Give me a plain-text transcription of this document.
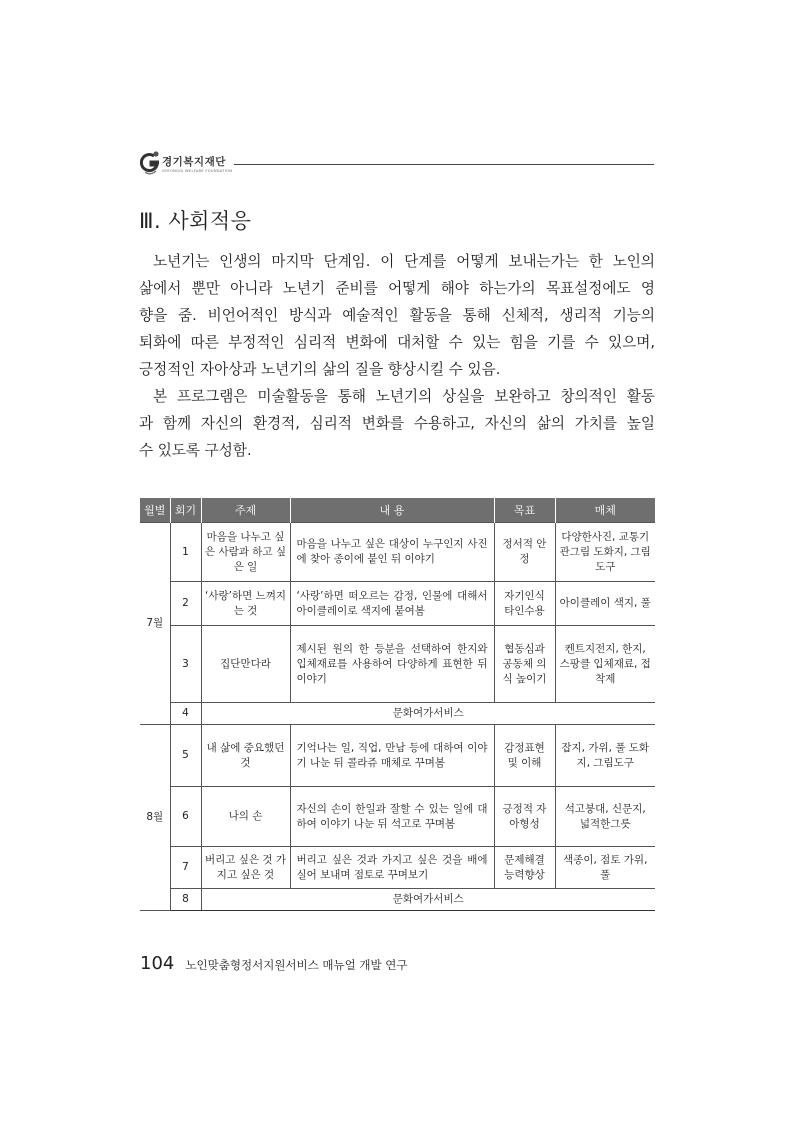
경기복지재단
GYEONGGI WELFARE FOUNDATION
Ⅲ. 사회적응
노년기는 인생의 마지막 단계임. 이 단계를 어떻게 보내는가는 한 노인의
삶에서 뿐만 아니라 노년기 준비를 어떻게 해야 하는가의 목표설정에도 영
향을 줌. 비언어적인 방식과 예술적인 활동을 통해 신체적, 생리적 기능의
퇴화에 따른 부정적인 심리적 변화에 대처할 수 있는 힘을 기를 수 있으며,
긍정적인 자아상과 노년기의 삶의 질을 향상시킬 수 있음.
본 프로그램은 미술활동을 통해 노년기의 상실을 보완하고 창의적인 활동
과 함께 자신의 환경적, 심리적 변화를 수용하고, 자신의 삶의 가치를 높일
수 있도록 구성함.
월별	회기	주제	내 용	목표	매체
7월	1	마음을 나누고 싶은 사람과 하고 싶은 일	마음을 나누고 싶은 대상이 누구인지 사진에 찾아 종이에 붙인 뒤 이야기	정서적 안정	다양한사진, 교통기관그림 도화지, 그림도구
	2	‘사랑’하면 느껴지는 것	‘사랑’하면 떠오르는 감정, 인물에 대해서 아이클레이로 색지에 붙여봄	자기인식 타인수용	아이클레이 색지, 풀
	3	집단만다라	제시된 원의 한 등분을 선택하여 한지와 입체재료를 사용하여 다양하게 표현한 뒤 이야기	협동심과 공동체 의식 높이기	켄트지전지, 한지, 스팡클 입체재료, 접착제
	4	문화여가서비스			
8월	5	내 삶에 중요했던 것	기억나는 일, 직업, 만남 등에 대하여 이야기 나눈 뒤 콜라쥬 매체로 꾸며봄	감정표현 및 이해	잡지, 가위, 풀 도화지, 그림도구
	6	나의 손	자신의 손이 한일과 잘할 수 있는 일에 대하여 이야기 나눈 뒤 석고로 꾸며봄	긍정적 자아형성	석고붕대, 신문지, 넓적한그릇
	7	버리고 싶은 것 가지고 싶은 것	버리고 싶은 것과 가지고 싶은 것을 배에 실어 보내며 점토로 꾸며보기	문제해결 능력향상	색종이, 점토 가위, 풀
	8	문화여가서비스			
104 노인맞춤형정서지원서비스 매뉴얼 개발 연구
